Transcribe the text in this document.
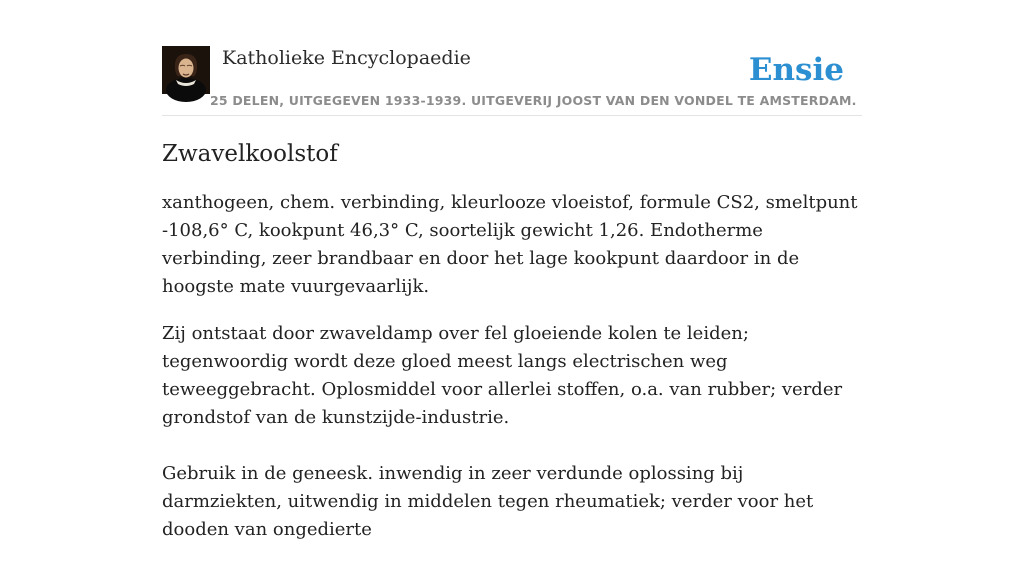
Katholieke Encyclopaedie
25 DELEN, UITGEGEVEN 1933-1939. UITGEVERIJ JOOST VAN DEN VONDEL TE AMSTERDAM.
Ensie
Zwavelkoolstof

xanthogeen, chem. verbinding, kleurlooze vloeistof, formule CS2, smeltpunt -108,6° C, kookpunt 46,3° C, soortelijk gewicht 1,26. Endotherme verbinding, zeer brandbaar en door het lage kookpunt daardoor in de hoogste mate vuurgevaarlijk.

Zij ontstaat door zwaveldamp over fel gloeiende kolen te leiden; tegenwoordig wordt deze gloed meest langs electrischen weg teweeggebracht. Oplosmiddel voor allerlei stoffen, o.a. van rubber; verder grondstof van de kunstzijde-industrie.

Gebruik in de geneesk. inwendig in zeer verdunde oplossing bij darmziekten, uitwendig in middelen tegen rheumatiek; verder voor het dooden van ongedierte
